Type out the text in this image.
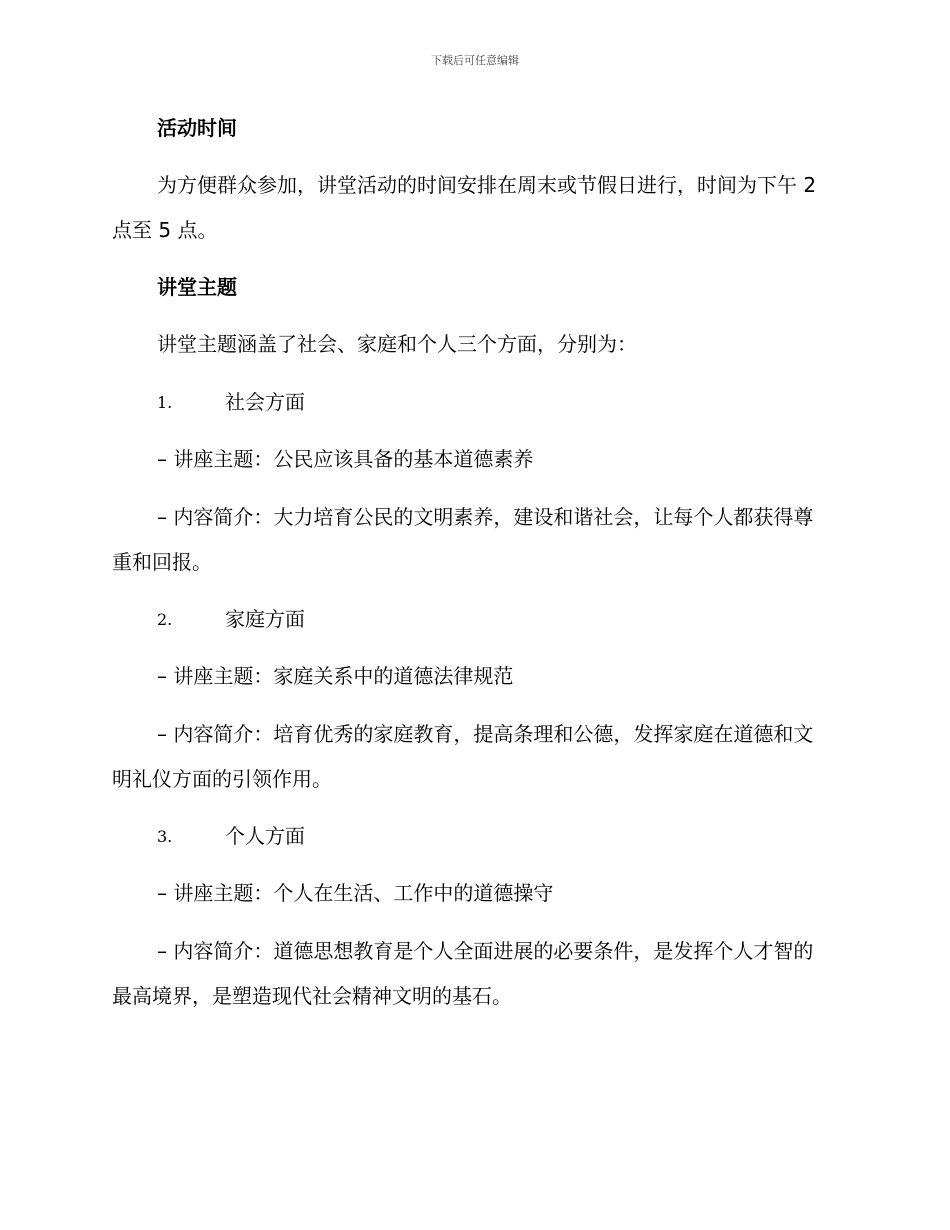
下载后可任意编辑

活动时间

为方便群众参加，讲堂活动的时间安排在周末或节假日进行，时间为下午 2 点至 5 点。

讲堂主题

讲堂主题涵盖了社会、家庭和个人三个方面，分别为：

1.	社会方面

– 讲座主题：公民应该具备的基本道德素养

– 内容简介：大力培育公民的文明素养，建设和谐社会，让每个人都获得尊重和回报。

2.	家庭方面

– 讲座主题：家庭关系中的道德法律规范

– 内容简介：培育优秀的家庭教育，提高条理和公德，发挥家庭在道德和文明礼仪方面的引领作用。

3.	个人方面

– 讲座主题：个人在生活、工作中的道德操守

– 内容简介：道德思想教育是个人全面进展的必要条件，是发挥个人才智的最高境界，是塑造现代社会精神文明的基石。
